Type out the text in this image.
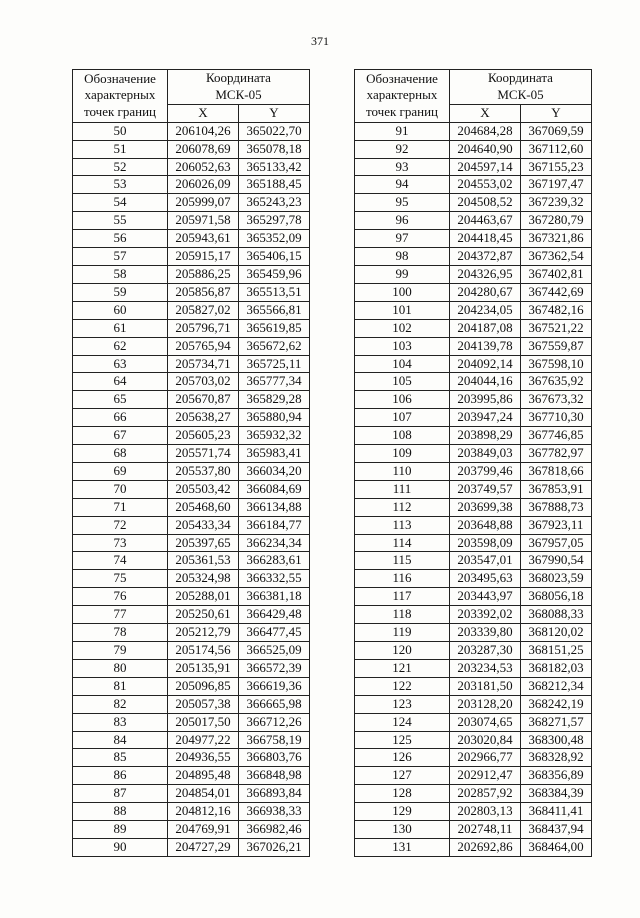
371
Обозначение
характерных
точек границ	Координата
МСК-05	

	X	Y
50	206104,26	365022,70
51	206078,69	365078,18
52	206052,63	365133,42
53	206026,09	365188,45
54	205999,07	365243,23
55	205971,58	365297,78
56	205943,61	365352,09
57	205915,17	365406,15
58	205886,25	365459,96
59	205856,87	365513,51
60	205827,02	365566,81
61	205796,71	365619,85
62	205765,94	365672,62
63	205734,71	365725,11
64	205703,02	365777,34
65	205670,87	365829,28
66	205638,27	365880,94
67	205605,23	365932,32
68	205571,74	365983,41
69	205537,80	366034,20
70	205503,42	366084,69
71	205468,60	366134,88
72	205433,34	366184,77
73	205397,65	366234,34
74	205361,53	366283,61
75	205324,98	366332,55
76	205288,01	366381,18
77	205250,61	366429,48
78	205212,79	366477,45
79	205174,56	366525,09
80	205135,91	366572,39
81	205096,85	366619,36
82	205057,38	366665,98
83	205017,50	366712,26
84	204977,22	366758,19
85	204936,55	366803,76
86	204895,48	366848,98
87	204854,01	366893,84
88	204812,16	366938,33
89	204769,91	366982,46
90	204727,29	367026,21
Обозначение
характерных
точек границ	Координата
МСК-05	

	X	Y
91	204684,28	367069,59
92	204640,90	367112,60
93	204597,14	367155,23
94	204553,02	367197,47
95	204508,52	367239,32
96	204463,67	367280,79
97	204418,45	367321,86
98	204372,87	367362,54
99	204326,95	367402,81
100	204280,67	367442,69
101	204234,05	367482,16
102	204187,08	367521,22
103	204139,78	367559,87
104	204092,14	367598,10
105	204044,16	367635,92
106	203995,86	367673,32
107	203947,24	367710,30
108	203898,29	367746,85
109	203849,03	367782,97
110	203799,46	367818,66
111	203749,57	367853,91
112	203699,38	367888,73
113	203648,88	367923,11
114	203598,09	367957,05
115	203547,01	367990,54
116	203495,63	368023,59
117	203443,97	368056,18
118	203392,02	368088,33
119	203339,80	368120,02
120	203287,30	368151,25
121	203234,53	368182,03
122	203181,50	368212,34
123	203128,20	368242,19
124	203074,65	368271,57
125	203020,84	368300,48
126	202966,77	368328,92
127	202912,47	368356,89
128	202857,92	368384,39
129	202803,13	368411,41
130	202748,11	368437,94
131	202692,86	368464,00
